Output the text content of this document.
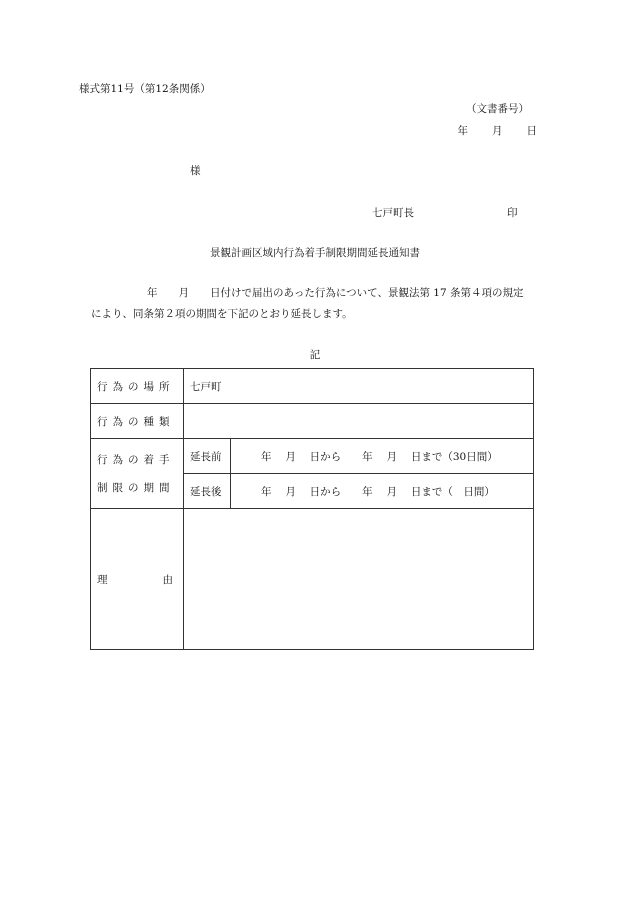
様式第11号（第12条関係）
（文書番号）
年 月 日
様
七戸町長	印
景観計画区域内行為着手制限期間延長通知書
年　　月　　日付けで届出のあった行為について、景観法第 17 条第４項の規定
により、同条第２項の期間を下記のとおり延長します。
記
行為の場所	七戸町	
行為の種類		

行為の着手
制限の期間	延長前	年　 月　 日から　　年　 月　 日まで（30日間）
	延長後	年　 月　 日から　　年　 月　 日まで（　日間）

理 由		
